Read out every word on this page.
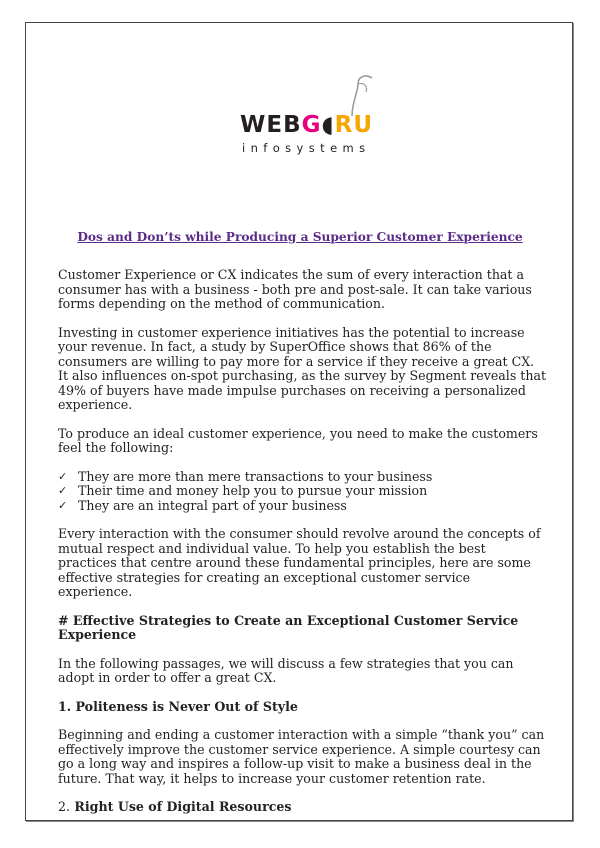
WEBG◖RU
infosystems
Dos and Don’ts while Producing a Superior Customer Experience

Customer Experience or CX indicates the sum of every interaction that a consumer has with a business - both pre and post-sale. It can take various forms depending on the method of communication.

Investing in customer experience initiatives has the potential to increase your revenue. In fact, a study by SuperOffice shows that 86% of the consumers are willing to pay more for a service if they receive a great CX. It also influences on-spot purchasing, as the survey by Segment reveals that 49% of buyers have made impulse purchases on receiving a personalized experience.

To produce an ideal customer experience, you need to make the customers feel the following:

✓ They are more than mere transactions to your business
✓ Their time and money help you to pursue your mission
✓ They are an integral part of your business

Every interaction with the consumer should revolve around the concepts of mutual respect and individual value. To help you establish the best practices that centre around these fundamental principles, here are some effective strategies for creating an exceptional customer service experience.

# Effective Strategies to Create an Exceptional Customer Service Experience

In the following passages, we will discuss a few strategies that you can adopt in order to offer a great CX.

1. Politeness is Never Out of Style

Beginning and ending a customer interaction with a simple “thank you” can effectively improve the customer service experience. A simple courtesy can go a long way and inspires a follow-up visit to make a business deal in the future. That way, it helps to increase your customer retention rate.

2. Right Use of Digital Resources
